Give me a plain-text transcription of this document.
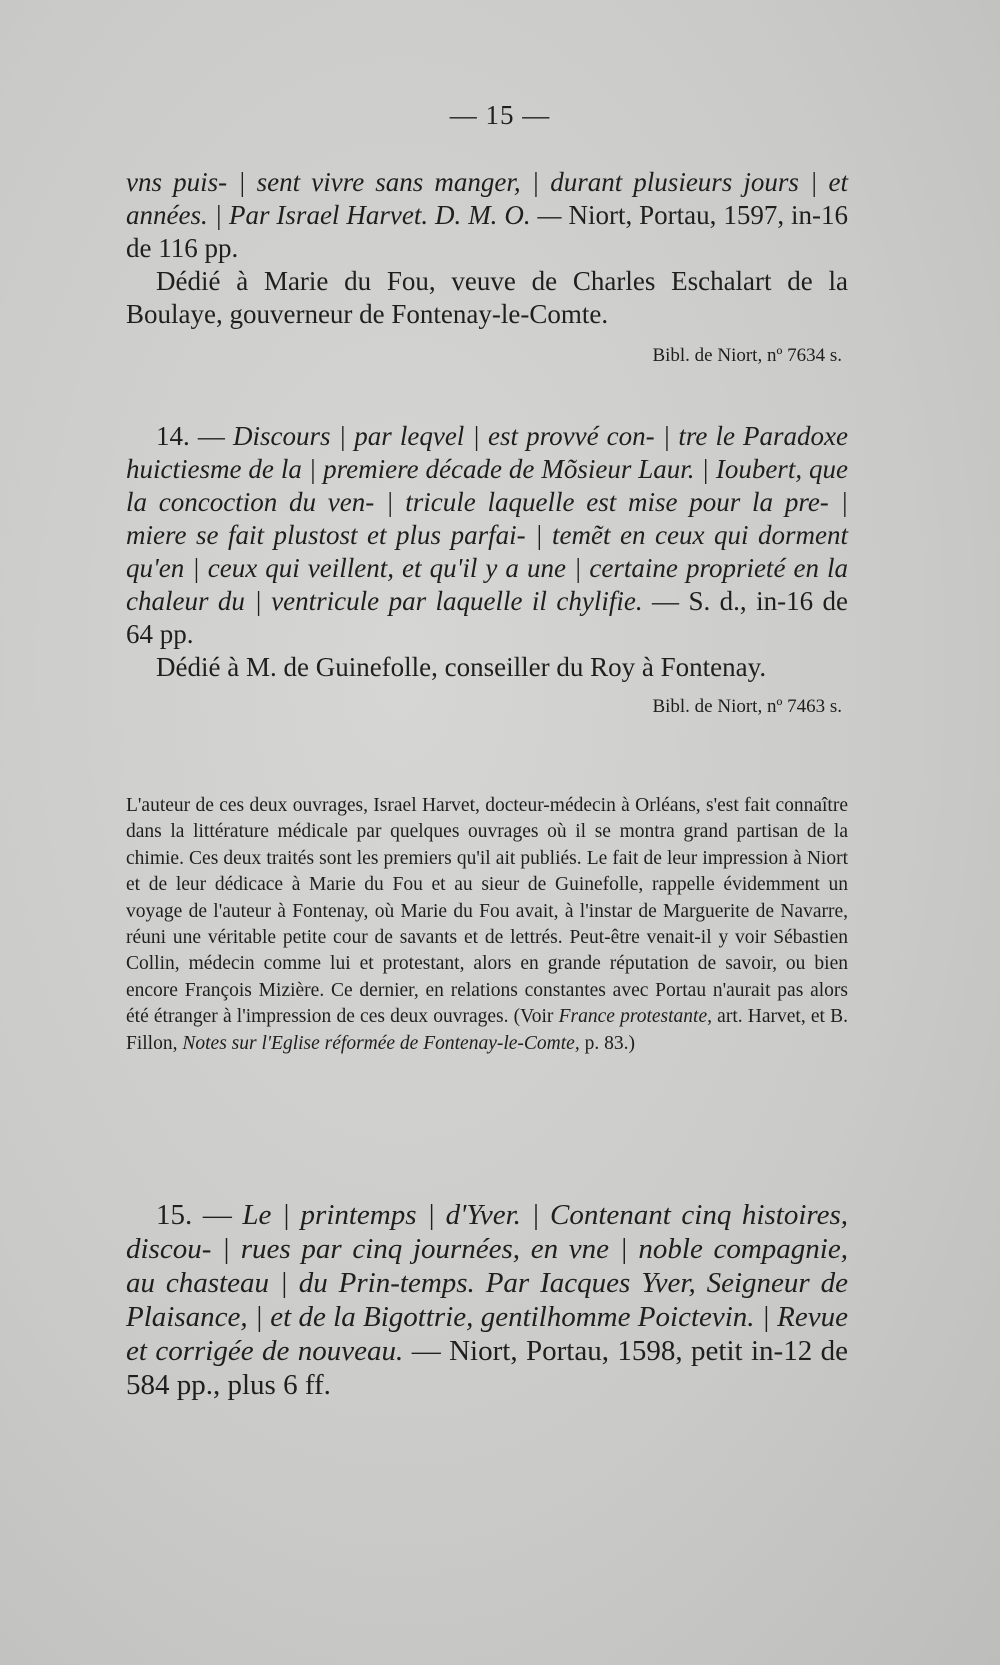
— 15 —

vns puis- | sent vivre sans manger, | durant plusieurs jours | et années. | Par Israel Harvet. D. M. O. — Niort, Portau, 1597, in-16 de 116 pp.

Dédié à Marie du Fou, veuve de Charles Eschalart de la Boulaye, gouverneur de Fontenay-le-Comte.

Bibl. de Niort, nº 7634 s.

14. — Discours | par leqvel | est provvé con- | tre le Paradoxe huictiesme de la | premiere décade de Mõsieur Laur. | Ioubert, que la concoction du ven- | tricule laquelle est mise pour la pre- | miere se fait plustost et plus parfai- | temẽt en ceux qui dorment qu'en | ceux qui veillent, et qu'il y a une | certaine proprieté en la chaleur du | ventricule par laquelle il chylifie. — S. d., in-16 de 64 pp.

Dédié à M. de Guinefolle, conseiller du Roy à Fontenay.

Bibl. de Niort, nº 7463 s.

L'auteur de ces deux ouvrages, Israel Harvet, docteur-médecin à Orléans, s'est fait connaître dans la littérature médicale par quelques ouvrages où il se montra grand partisan de la chimie. Ces deux traités sont les premiers qu'il ait publiés. Le fait de leur impression à Niort et de leur dédicace à Marie du Fou et au sieur de Guinefolle, rappelle évidemment un voyage de l'auteur à Fontenay, où Marie du Fou avait, à l'instar de Marguerite de Navarre, réuni une véritable petite cour de savants et de lettrés. Peut-être venait-il y voir Sébastien Collin, médecin comme lui et protestant, alors en grande réputation de savoir, ou bien encore François Mizière. Ce dernier, en relations constantes avec Portau n'aurait pas alors été étranger à l'impression de ces deux ouvrages. (Voir France protestante, art. Harvet, et B. Fillon, Notes sur l'Eglise réformée de Fontenay-le-Comte, p. 83.)

15. — Le | printemps | d'Yver. | Contenant cinq histoires, discou- | rues par cinq journées, en vne | noble compagnie, au chasteau | du Prin-temps. Par Iacques Yver, Seigneur de Plaisance, | et de la Bigottrie, gentilhomme Poictevin. | Revue et corrigée de nouveau. — Niort, Portau, 1598, petit in-12 de 584 pp., plus 6 ff.
